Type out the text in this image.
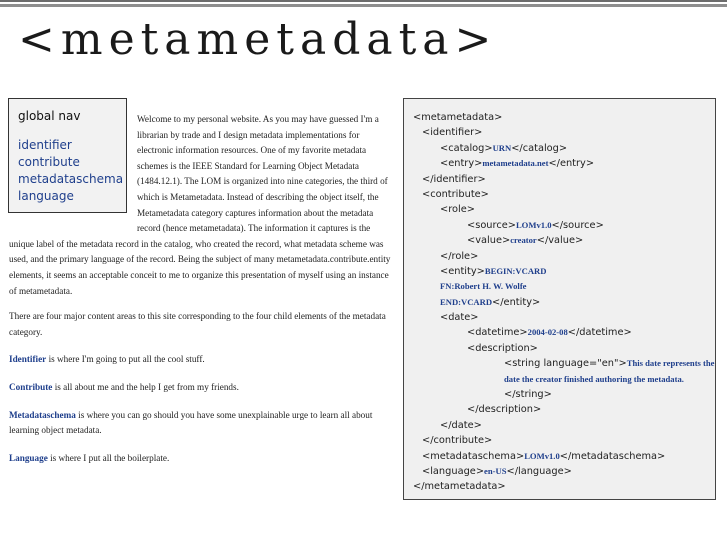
<metametadata>
global nav
identifier
contribute
metadataschema
language

Welcome to my personal website. As you may have guessed I'm a librarian by trade and I design metadata implementations for electronic information resources. One of my favorite metadata schemes is the IEEE Standard for Learning Object Metadata (1484.12.1). The LOM is organized into nine categories, the third of which is Metametadata. Instead of describing the object itself, the Metametadata category captures information about the metadata record (hence metametadata). The information it captures is the unique label of the metadata record in the catalog, who created the record, what metadata scheme was used, and the primary language of the record. Being the subject of many metametadata.contribute.entity elements, it seems an acceptable conceit to me to organize this presentation of myself using an instance of metametadata.

There are four major content areas to this site corresponding to the four child elements of the metadata category.

Identifier is where I'm going to put all the cool stuff.

Contribute is all about me and the help I get from my friends.

Metadataschema is where you can go should you have some unexplainable urge to learn all about learning object metadata.

Language is where I put all the boilerplate.

<metametadata>
<identifier>
<catalog>URN</catalog>
<entry>metametadata.net</entry>
</identifier>
<contribute>
<role>
<source>LOMv1.0</source>
<value>creator</value>
</role>
<entity>BEGIN:VCARD
FN:Robert H. W. Wolfe
END:VCARD</entity>
<date>
<datetime>2004-02-08</datetime>
<description>
<string language="en">This date represents the date the creator finished authoring the metadata.</string>
</description>
</date>
</contribute>
<metadataschema>LOMv1.0</metadataschema>
<language>en-US</language>
</metametadata>
